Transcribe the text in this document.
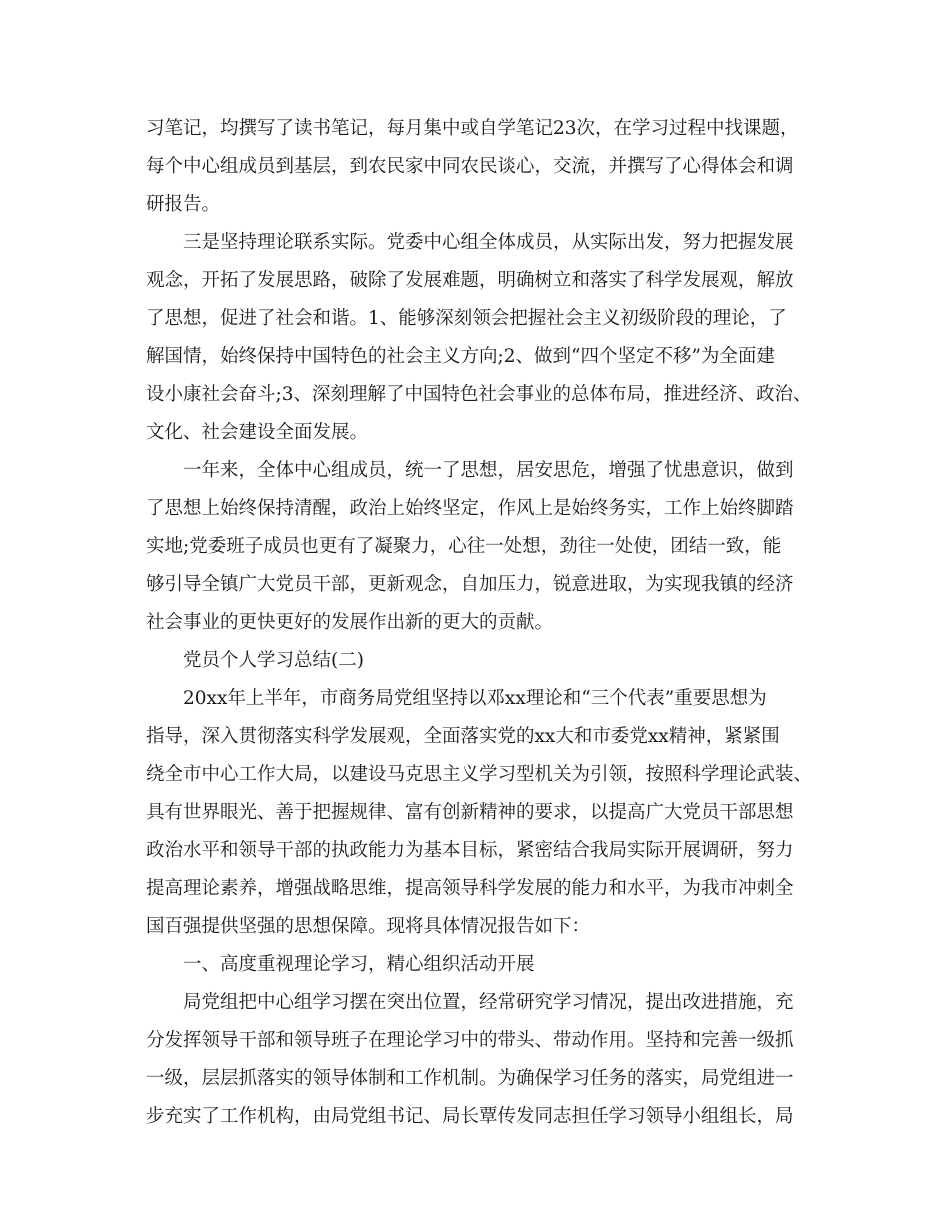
习笔记，均撰写了读书笔记，每月集中或自学笔记23次，在学习过程中找课题，

每个中心组成员到基层，到农民家中同农民谈心，交流，并撰写了心得体会和调

研报告。

三是坚持理论联系实际。党委中心组全体成员，从实际出发，努力把握发展

观念，开拓了发展思路，破除了发展难题，明确树立和落实了科学发展观，解放

了思想，促进了社会和谐。1、能够深刻领会把握社会主义初级阶段的理论，了

解国情，始终保持中国特色的社会主义方向;2、做到“四个坚定不移”为全面建

设小康社会奋斗;3、深刻理解了中国特色社会事业的总体布局，推进经济、政治、

文化、社会建设全面发展。

一年来，全体中心组成员，统一了思想，居安思危，增强了忧患意识，做到

了思想上始终保持清醒，政治上始终坚定，作风上是始终务实，工作上始终脚踏

实地;党委班子成员也更有了凝聚力，心往一处想，劲往一处使，团结一致，能

够引导全镇广大党员干部，更新观念，自加压力，锐意进取，为实现我镇的经济

社会事业的更快更好的发展作出新的更大的贡献。

党员个人学习总结(二)

20xx年上半年，市商务局党组坚持以邓xx理论和“三个代表”重要思想为

指导，深入贯彻落实科学发展观，全面落实党的xx大和市委党xx精神，紧紧围

绕全市中心工作大局，以建设马克思主义学习型机关为引领，按照科学理论武装、

具有世界眼光、善于把握规律、富有创新精神的要求，以提高广大党员干部思想

政治水平和领导干部的执政能力为基本目标，紧密结合我局实际开展调研，努力

提高理论素养，增强战略思维，提高领导科学发展的能力和水平，为我市冲刺全

国百强提供坚强的思想保障。现将具体情况报告如下：

一、高度重视理论学习，精心组织活动开展

局党组把中心组学习摆在突出位置，经常研究学习情况，提出改进措施，充

分发挥领导干部和领导班子在理论学习中的带头、带动作用。坚持和完善一级抓

一级，层层抓落实的领导体制和工作机制。为确保学习任务的落实，局党组进一

步充实了工作机构，由局党组书记、局长覃传发同志担任学习领导小组组长，局
